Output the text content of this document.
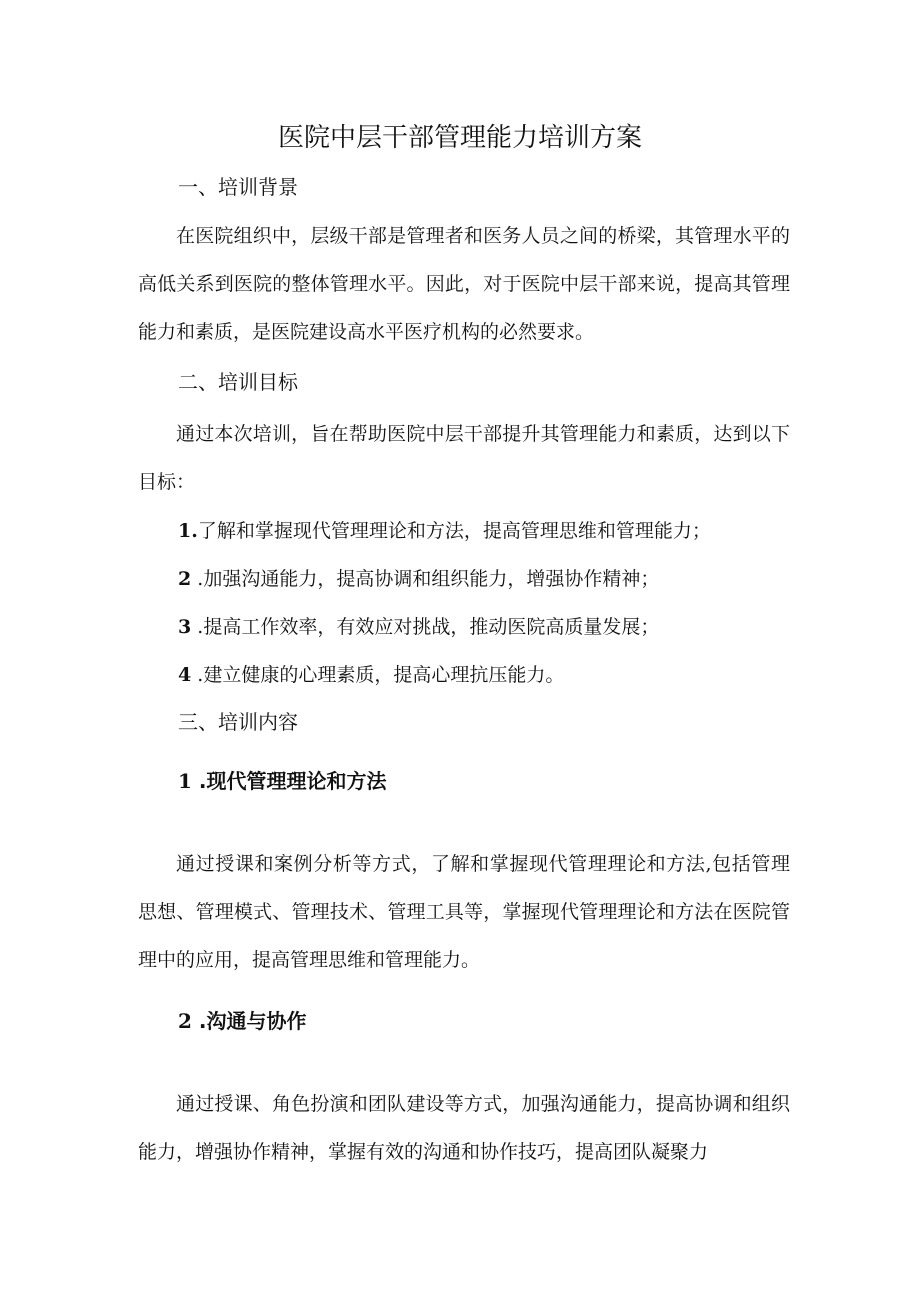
医院中层干部管理能力培训方案
一、培训背景

在医院组织中，层级干部是管理者和医务人员之间的桥梁，其管理水平的高低关系到医院的整体管理水平。因此，对于医院中层干部来说，提高其管理能力和素质，是医院建设高水平医疗机构的必然要求。

二、培训目标

通过本次培训，旨在帮助医院中层干部提升其管理能力和素质，达到以下目标：

1.了解和掌握现代管理理论和方法，提高管理思维和管理能力；

2 .加强沟通能力，提高协调和组织能力，增强协作精神；

3 .提高工作效率，有效应对挑战，推动医院高质量发展；

4 .建立健康的心理素质，提高心理抗压能力。

三、培训内容
1 .现代管理理论和方法

通过授课和案例分析等方式，了解和掌握现代管理理论和方法,包括管理思想、管理模式、管理技术、管理工具等，掌握现代管理理论和方法在医院管理中的应用，提高管理思维和管理能力。

2 .沟通与协作

通过授课、角色扮演和团队建设等方式，加强沟通能力，提高协调和组织能力，增强协作精神，掌握有效的沟通和协作技巧，提高团队凝聚力
